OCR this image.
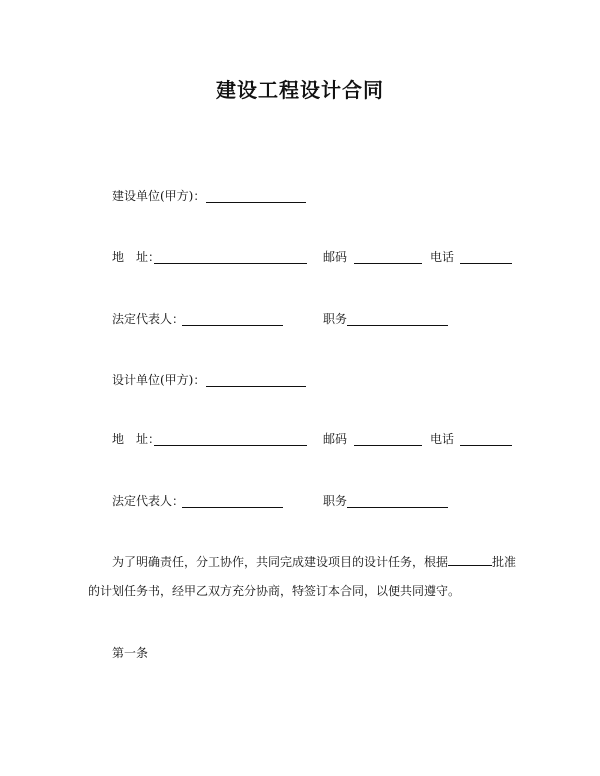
建设工程设计合同
建设单位(甲方)：
地　址：	邮码	电话
法定代表人：	职务
设计单位(甲方)：
地　址：	邮码	电话
法定代表人：	职务
为了明确责任，分工协作，共同完成建设项目的设计任务，根据	批准
的计划任务书，经甲乙双方充分协商，特签订本合同，以便共同遵守。
第一条
